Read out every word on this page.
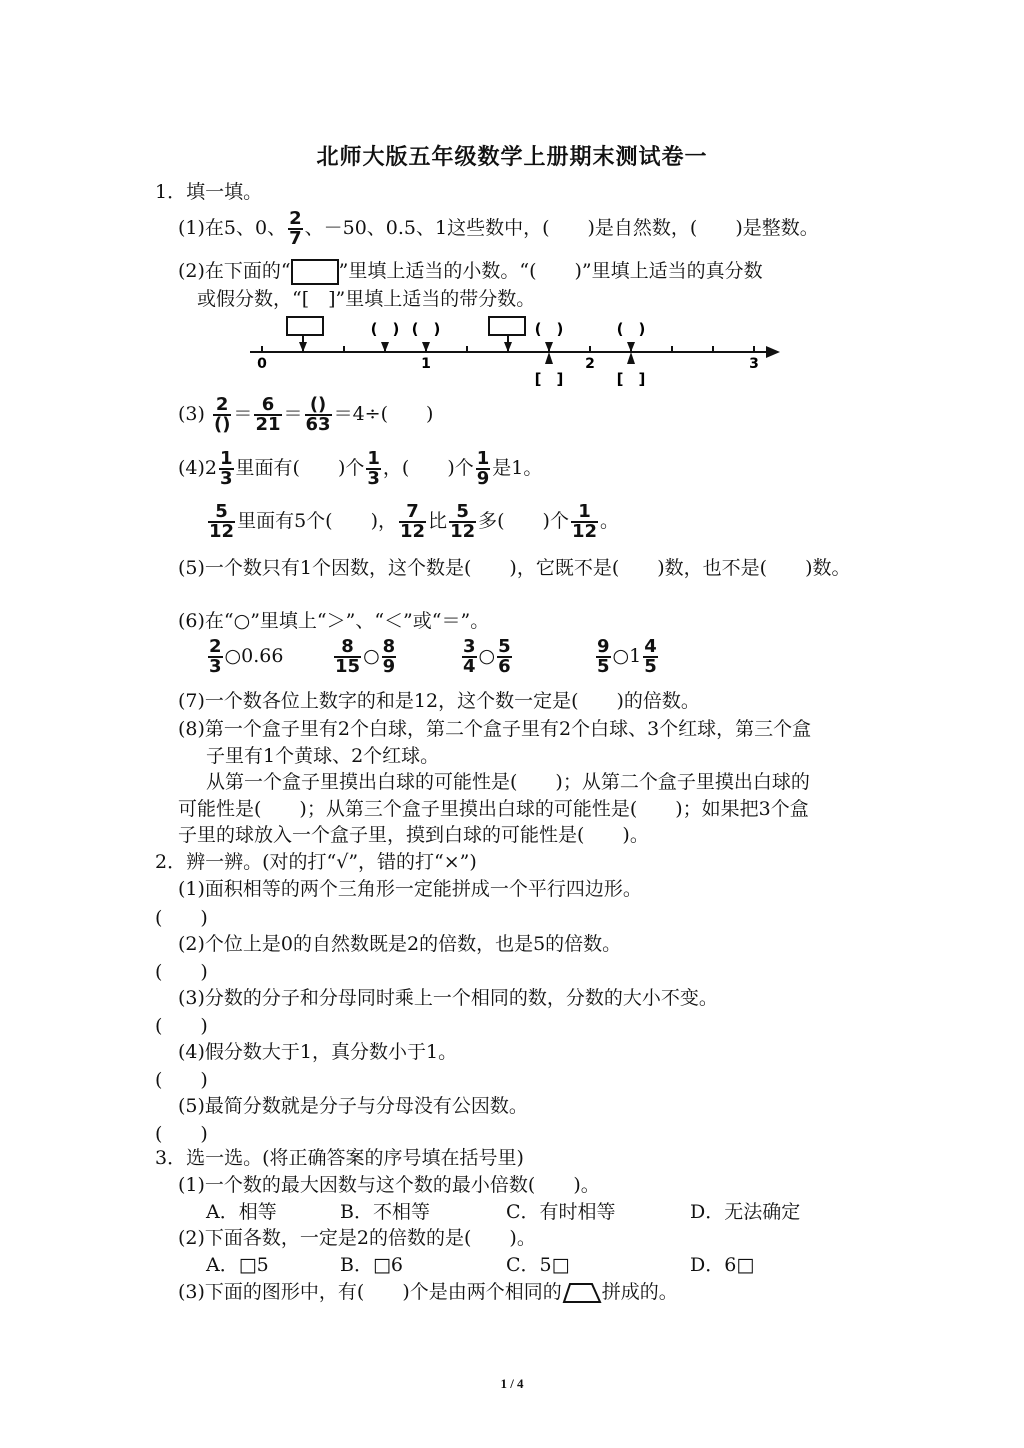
北师大版五年级数学上册期末测试卷一
1．填一填。
(1)在5、0、 $\frac{2}{7}$ 、－50、0.5、1这些数中，(　　)是自然数，(　　)是整数。
(2)在下面的“	”里填上适当的小数。“(　　)”里填上适当的真分数
或假分数，“[　]”里填上适当的带分数。
0	1	2	3
(　) (　)	(　)	(　)
[　]	[　]
$(3) \frac{2}{()} = \frac{6}{21} = \frac{()}{63} =4\div$(　　)
$(4)2 \frac{1}{3}$ 里面有(　　)个 $\frac{1}{3}$ ，(　　)个 $\frac{1}{9}$ 是1。
$\frac{5}{12}$ 里面有5个(　　)， $\frac{7}{12}$ 比 $\frac{5}{12}$ 多(　　)个 $\frac{1}{12}$ 。
(5)一个数只有1个因数，这个数是(　　)，它既不是(　　)数，也不是(　　)数。
(6)在“○”里填上“＞”、“＜”或“＝”。
$\frac{2}{3}$ ○0.66	$\frac{8}{15}$ ○ $\frac{8}{9}$	$\frac{3}{4}$ ○ $\frac{5}{6}$	$\frac{9}{5}$ ○1 $\frac{4}{5}$
(7)一个数各位上数字的和是12，这个数一定是(　　)的倍数。
(8)第一个盒子里有2个白球，第二个盒子里有2个白球、3个红球，第三个盒
子里有1个黄球、2个红球。
从第一个盒子里摸出白球的可能性是(　　)；从第二个盒子里摸出白球的
可能性是(　　)；从第三个盒子里摸出白球的可能性是(　　)；如果把3个盒
子里的球放入一个盒子里，摸到白球的可能性是(　　)。
2．辨一辨。(对的打“√”，错的打“×”)
(1)面积相等的两个三角形一定能拼成一个平行四边形。
(　　)
(2)个位上是0的自然数既是2的倍数，也是5的倍数。
(　　)
(3)分数的分子和分母同时乘上一个相同的数，分数的大小不变。
(　　)
(4)假分数大于1，真分数小于1。
(　　)
(5)最简分数就是分子与分母没有公因数。
(　　)
3．选一选。(将正确答案的序号填在括号里)
(1)一个数的最大因数与这个数的最小倍数(　　)。
A．相等	B．不相等	C．有时相等	D．无法确定
(2)下面各数，一定是2的倍数的是(　　)。
A．□5	B．□6	C．5□	D．6□
(3)下面的图形中，有(　　)个是由两个相同的 拼成的。
1 / 4
